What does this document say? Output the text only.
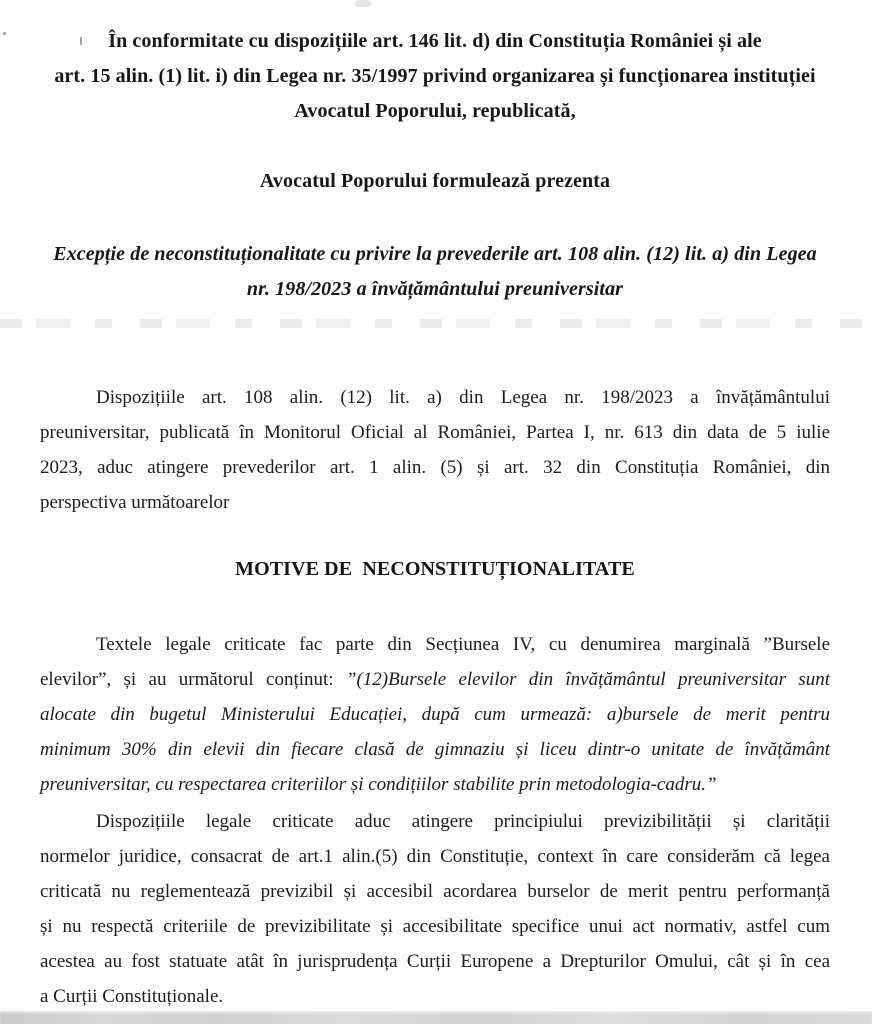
În conformitate cu dispozițiile art. 146 lit. d) din Constituția României și ale
art. 15 alin. (1) lit. i) din Legea nr. 35/1997 privind organizarea și funcționarea instituției
Avocatul Poporului, republicată,
Avocatul Poporului formulează prezenta
Excepție de neconstituționalitate cu privire la prevederile art. 108 alin. (12) lit. a) din Legea
nr. 198/2023 a învățământului preuniversitar
Dispozițiile art. 108 alin. (12) lit. a) din Legea nr. 198/2023 a învățământului
preuniversitar, publicată în Monitorul Oficial al României, Partea I, nr. 613 din data de 5 iulie
2023, aduc atingere prevederilor art. 1 alin. (5) și art. 32 din Constituția României, din
perspectiva următoarelor
MOTIVE DE  NECONSTITUȚIONALITATE
Textele legale criticate fac parte din Secțiunea IV, cu denumirea marginală ”Bursele
elevilor”, și au următorul conținut: ”(12)Bursele elevilor din învățământul preuniversitar sunt
alocate din bugetul Ministerului Educației, după cum urmează: a)bursele de merit pentru
minimum 30% din elevii din fiecare clasă de gimnaziu și liceu dintr-o unitate de învățământ
preuniversitar, cu respectarea criteriilor și condițiilor stabilite prin metodologia-cadru.”
Dispozițiile legale criticate aduc atingere principiului previzibilității și clarității
normelor juridice, consacrat de art.1 alin.(5) din Constituție, context în care considerăm că legea
criticată nu reglementează previzibil și accesibil acordarea burselor de merit pentru performanță
și nu respectă criteriile de previzibilitate și accesibilitate specifice unui act normativ, astfel cum
acestea au fost statuate atât în jurisprudența Curții Europene a Drepturilor Omului, cât și în cea
a Curții Constituționale.
